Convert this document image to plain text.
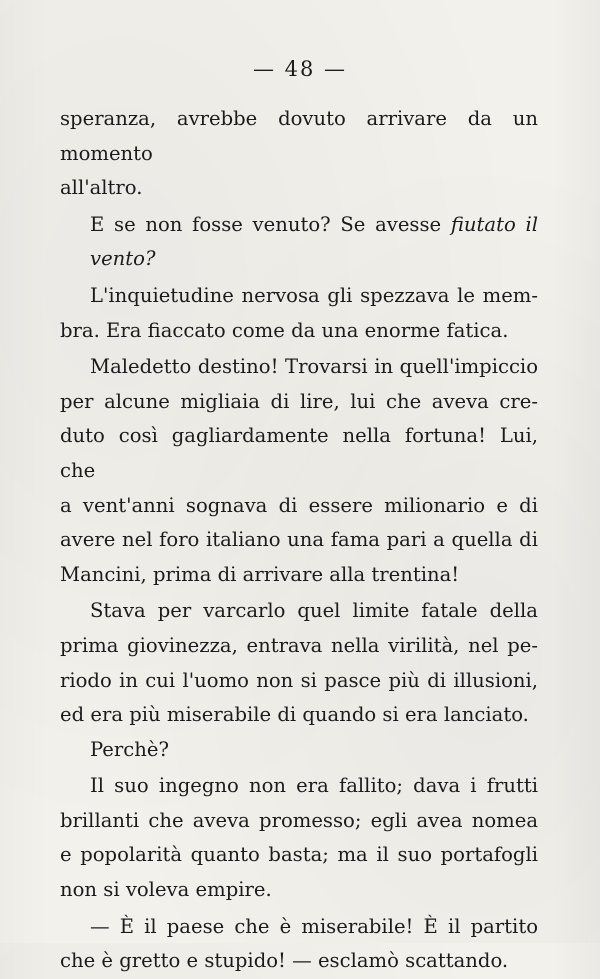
— 48 —

speranza, avrebbe dovuto arrivare da un momento
all'altro.

E se non fosse venuto? Se avesse fiutato il vento?

L'inquietudine nervosa gli spezzava le mem-
bra. Era fiaccato come da una enorme fatica.

Maledetto destino! Trovarsi in quell'impiccio
per alcune migliaia di lire, lui che aveva cre-
duto così gagliardamente nella fortuna! Lui, che
a vent'anni sognava di essere milionario e di
avere nel foro italiano una fama pari a quella di
Mancini, prima di arrivare alla trentina!

Stava per varcarlo quel limite fatale della
prima giovinezza, entrava nella virilità, nel pe-
riodo in cui l'uomo non si pasce più di illusioni,
ed era più miserabile di quando si era lanciato.

Perchè?

Il suo ingegno non era fallito; dava i frutti
brillanti che aveva promesso; egli avea nomea
e popolarità quanto basta; ma il suo portafogli
non si voleva empire.

— È il paese che è miserabile! È il partito
che è gretto e stupido! — esclamò scattando.
